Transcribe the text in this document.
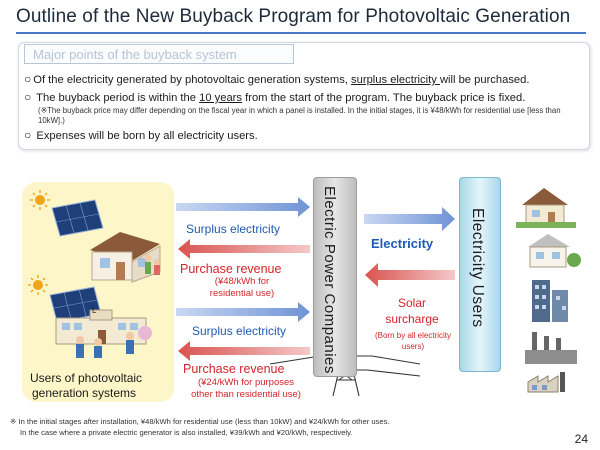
Outline of the New Buyback Program for Photovoltaic Generation
Major points of the buyback system
○ Of the electricity generated by photovoltaic generation systems, surplus electricity will be purchased.
○ The buyback period is within the 10 years from the start of the program. The buyback price is fixed.
(※The buyback price may differ depending on the fiscal year in which a panel is installed. In the initial stages, it is ¥48/kWh for residential use [less than 10kW].)
○ Expenses will be born by all electricity users.
Electric Power Companies	Electricity Users
Surplus electricity
Purchase revenue
(¥48/kWh for
residential use)
Surplus electricity
Purchase revenue
(¥24/kWh for purposes
other than residential use)
Electricity
Solar
surcharge
(Born by all electricity
users)
L
Users of photovoltaic
generation systems
※ In the initial stages after installation, ¥48/kWh for residential use (less than 10kW) and ¥24/kWh for other uses.
In the case where a private electric generator is also installed, ¥39/kWh and ¥20/kWh, respectively.	24
